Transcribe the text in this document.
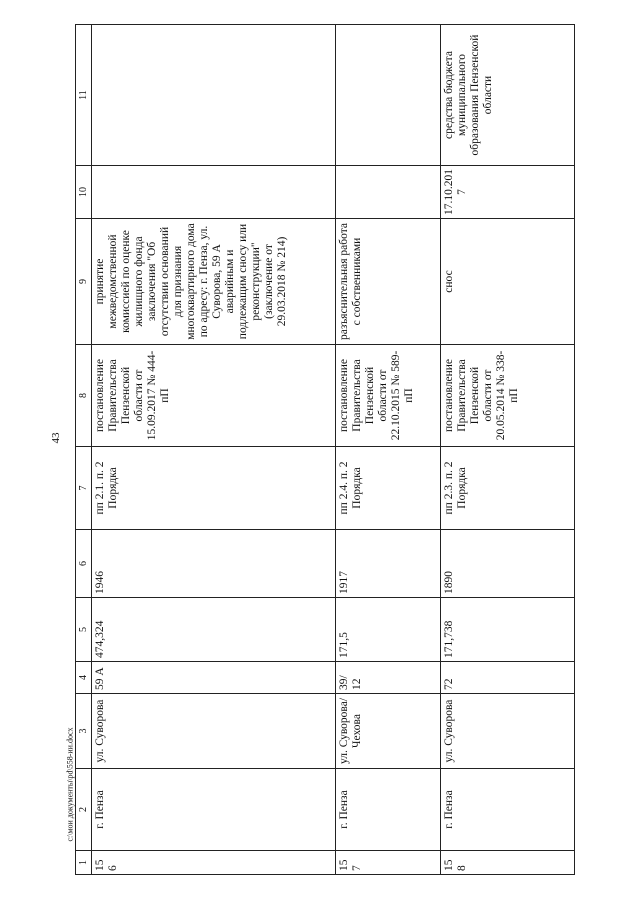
43
1	2	3	4	5	6	7	8	9	10	11
156	г. Пенза	ул. Суворова	59 А	474,324	1946	пп 2.1. п. 2 Порядка	постановление Правительства Пензенской области от 15.09.2017 № 444-пП	принятие межведомственной комиссией по оценке жилищного фонда заключения "Об отсутствии оснований для признания многоквартирного дома по адресу: г. Пенза, ул. Суворова, 59 А аварийным и подлежащим сносу или реконструкции" (заключение от 29.03.2018 № 214)		
157	г. Пенза	ул. Суворова/ Чехова	39/ 12	171,5	1917	пп 2.4. п. 2 Порядка	постановление Правительства Пензенской области от 22.10.2015 № 589-пП	разъяснительная работа с собственниками		
158	г. Пенза	ул. Суворова	72	171,738	1890	пп 2.3. п. 2 Порядка	постановление Правительства Пензенской области от 20.05.2014 № 338-пП	снос	17.10.2017	средства бюджета муниципального образования Пензенской области
c:\мои документы\pd\558-ии.docx
